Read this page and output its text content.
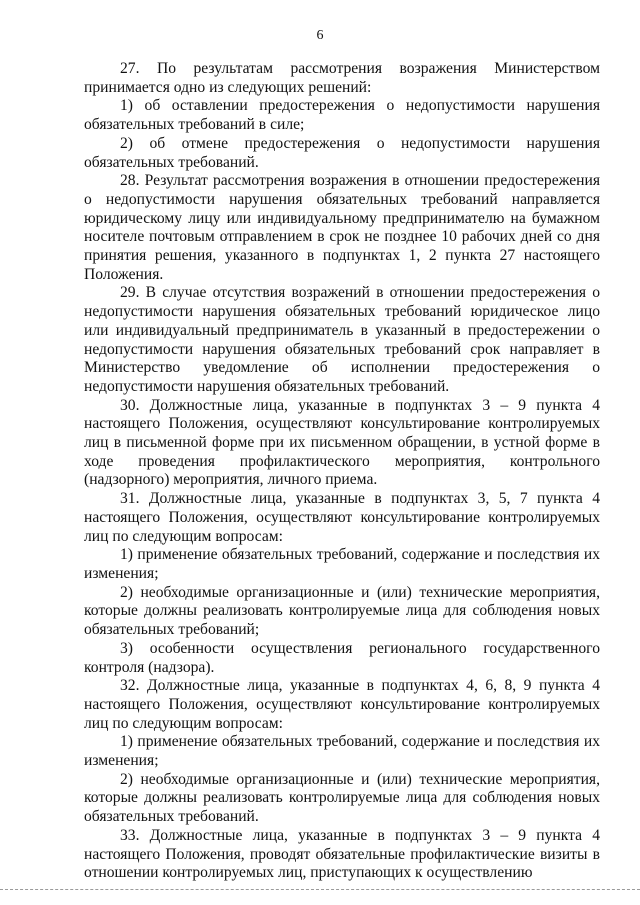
6

27. По результатам рассмотрения возражения Министерством принимается одно из следующих решений:

1) об оставлении предостережения о недопустимости нарушения обязательных требований в силе;

2) об отмене предостережения о недопустимости нарушения обязательных требований.

28. Результат рассмотрения возражения в отношении предостережения о недопустимости нарушения обязательных требований направляется юридическому лицу или индивидуальному предпринимателю на бумажном носителе почтовым отправлением в срок не позднее 10 рабочих дней со дня принятия решения, указанного в подпунктах 1, 2 пункта 27 настоящего Положения.

29. В случае отсутствия возражений в отношении предостережения о недопустимости нарушения обязательных требований юридическое лицо или индивидуальный предприниматель в указанный в предостережении о недопустимости нарушения обязательных требований срок направляет в Министерство уведомление об исполнении предостережения о недопустимости нарушения обязательных требований.

30. Должностные лица, указанные в подпунктах 3 – 9 пункта 4 настоящего Положения, осуществляют консультирование контролируемых лиц в письменной форме при их письменном обращении, в устной форме в ходе проведения профилактического мероприятия, контрольного (надзорного) мероприятия, личного приема.

31. Должностные лица, указанные в подпунктах 3, 5, 7 пункта 4 настоящего Положения, осуществляют консультирование контролируемых лиц по следующим вопросам:

1) применение обязательных требований, содержание и последствия их изменения;

2) необходимые организационные и (или) технические мероприятия, которые должны реализовать контролируемые лица для соблюдения новых обязательных требований;

3) особенности осуществления регионального государственного контроля (надзора).

32. Должностные лица, указанные в подпунктах 4, 6, 8, 9 пункта 4 настоящего Положения, осуществляют консультирование контролируемых лиц по следующим вопросам:

1) применение обязательных требований, содержание и последствия их изменения;

2) необходимые организационные и (или) технические мероприятия, которые должны реализовать контролируемые лица для соблюдения новых обязательных требований.

33. Должностные лица, указанные в подпунктах 3 – 9 пункта 4 настоящего Положения, проводят обязательные профилактические визиты в отношении контролируемых лиц, приступающих к осуществлению
